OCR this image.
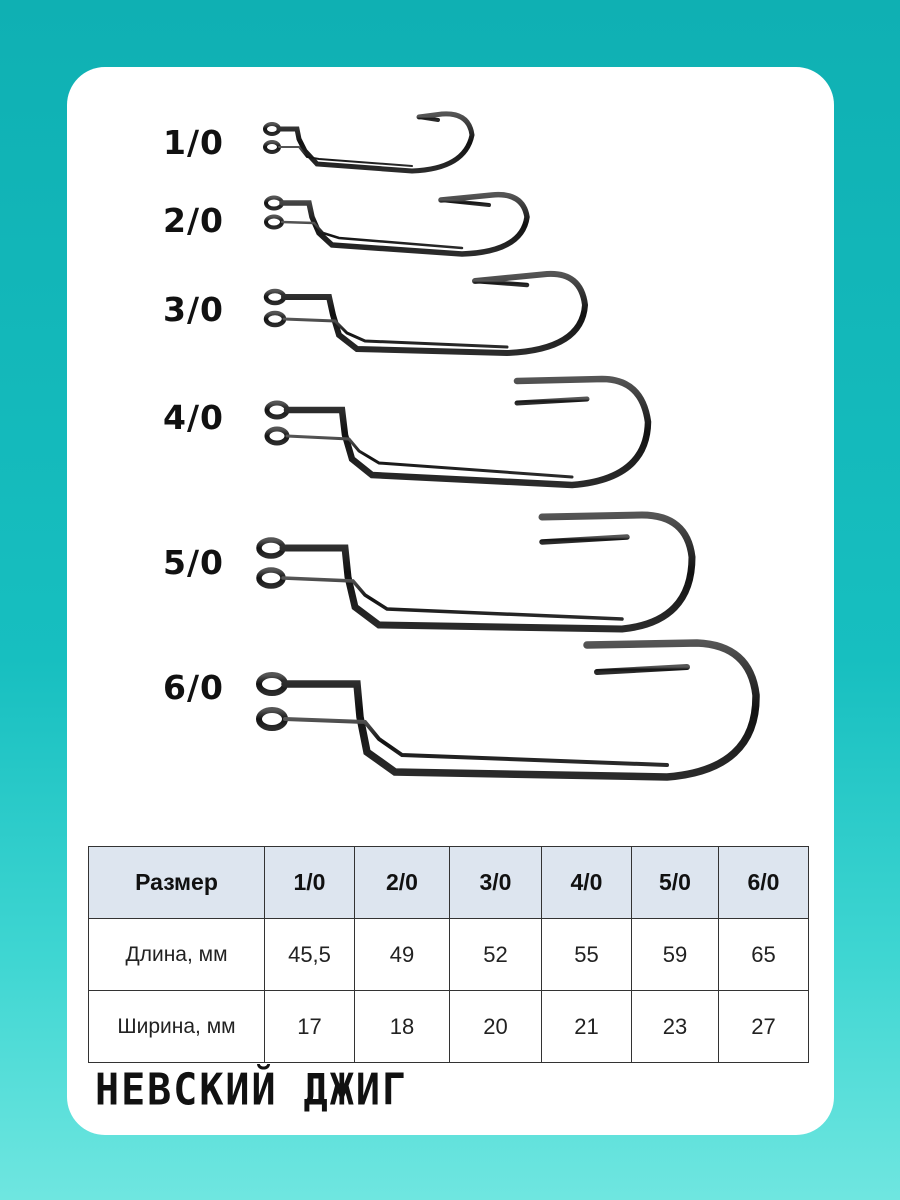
1/0
2/0
3/0
4/0
5/0
6/0
Размер	1/0	2/0	3/0	4/0	5/0	6/0
Длина, мм	45,5	49	52	55	59	65
Ширина, мм	17	18	20	21	23	27
НЕВСКИЙ ДЖИГ
